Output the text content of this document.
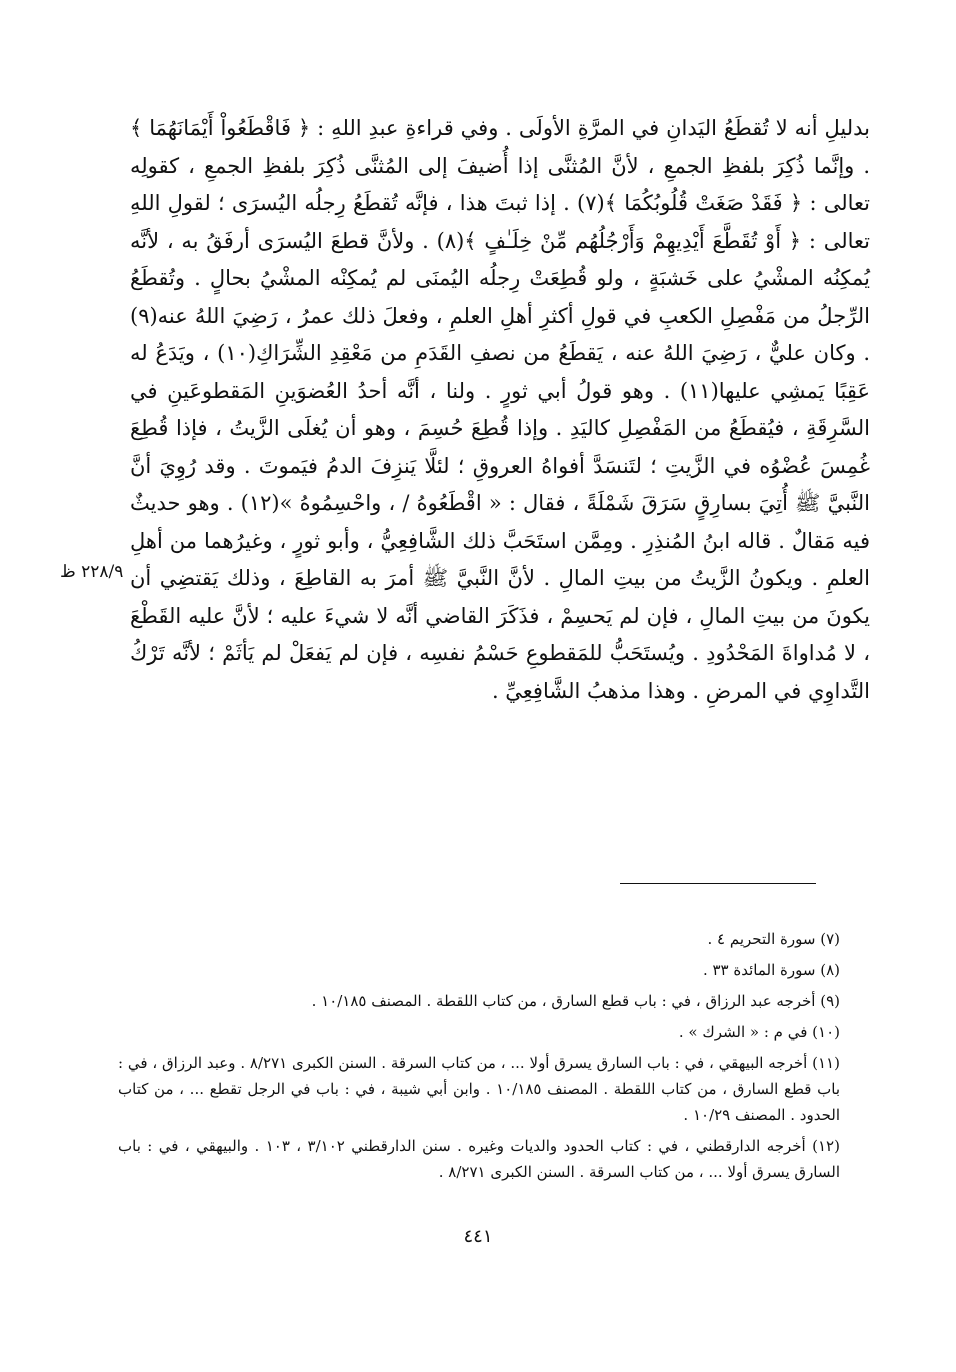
بدليلِ أنه لا تُقطَعُ اليَدانِ في المرَّةِ الأولَى . وفي قراءةِ عبدِ اللهِ : ﴿ فَاقْطَعُواْ أَيْمَانَهُمَا ﴾ . وإنَّما ذُكِرَ بلفظِ الجمعِ ، لأنَّ المُثنَّى إذا أُضيفَ إلى المُثنَّى ذُكِرَ بلفظِ الجمعِ ، كقولِه تعالى : ﴿ فَقَدْ صَغَتْ قُلُوبُكُمَا ﴾(٧) . إذا ثبتَ هذا ، فإنَّه تُقطَعُ رِجلُه اليُسرَى ؛ لقولِ اللهِ تعالى : ﴿ أَوْ تُقَطَّعَ أَيْدِيهِمْ وَأَرْجُلُهُم مِّنْ خِلَـٰفٍ ﴾(٨) . ولأنَّ قطعَ اليُسرَى أرفَقُ به ، لأنَّه يُمكِنُه المشْيُ على خَشبَةٍ ، ولو قُطِعَتْ رِجلُه اليُمنَى لم يُمكِنْه المشْيُ بحالٍ . وتُقطَعُ الرِّجلُ من مَفْصِلِ الكعبِ في قولِ أكثرِ أهلِ العلمِ ، وفعلَ ذلك عمرُ ، رَضِيَ اللهُ عنه(٩) . وكان عليٌّ ، رَضِيَ اللهُ عنه ، يَقطَعُ من نصفِ القَدَمِ من مَعْقِدِ الشِّرَاكِ(١٠) ، ويَدَعُ له عَقِبًا يَمشِي عليها(١١) . وهو قولُ أبي ثورٍ . ولنا ، أنَّه أحدُ العُضوَينِ المَقطوعَينِ في السَّرِقَةِ ، فيُقطَعُ من المَفْصِلِ كاليَدِ . وإذا قُطِعَ حُسِمَ ، وهو أن يُغلَى الزَّيتُ ، فإذا قُطِعَ غُمِسَ عُضْوُه في الزَّيتِ ؛ لتَنسَدَّ أفواهُ العروقِ ؛ لئلَّا يَنزِفَ الدمُ فيَموتَ . وقد رُوِيَ أنَّ النَّبيَّ ﷺ أُتِيَ بسارِقٍ سَرَقَ شَمْلَةً ، فقال : « اقْطَعُوهُ / ، واحْسِمُوهُ »(١٢) . وهو حديثٌ فيه مَقالٌ . قاله ابنُ المُنذِرِ . ومِمَّن استَحَبَّ ذلك الشَّافِعِيُّ ، وأبو ثورٍ ، وغيرُهما من أهلِ العلمِ . ويكونُ الزَّيتُ من بيتِ المالِ . لأنَّ النَّبيَّ ﷺ أمرَ به القاطِعَ ، وذلك يَقتضِي أن يكونَ من بيتِ المالِ ، فإن لم يَحسِمْ ، فذَكَرَ القاضي أنَّه لا شيءَ عليه ؛ لأنَّ عليه القَطْعَ ، لا مُداواةَ المَحْدُودِ . ويُستَحَبُّ للمَقطوعِ حَسْمُ نفسِه ، فإن لم يَفعَلْ لم يَأثَمْ ؛ لأنَّه تَرْكُ التَّداوِي في المرضِ . وهذا مذهبُ الشَّافِعِيِّ .

٢٢٨/٩ ظ
(٧) سورة التحريم ٤ .
(٨) سورة المائدة ٣٣ .
(٩) أخرجه عبد الرزاق ، في : باب قطع السارق ، من كتاب اللقطة . المصنف ١٠/١٨٥ .
(١٠) في م : « الشرك » .
(١١) أخرجه البيهقي ، في : باب السارق يسرق أولا ... ، من كتاب السرقة . السنن الكبرى ٨/٢٧١ . وعبد الرزاق ، في : باب قطع السارق ، من كتاب اللقطة . المصنف ١٠/١٨٥ . وابن أبي شيبة ، في : باب في الرجل تقطع ... ، من كتاب الحدود . المصنف ١٠/٢٩ .
(١٢) أخرجه الدارقطني ، في : كتاب الحدود والديات وغيره . سنن الدارقطني ٣/١٠٢ ، ١٠٣ . والبيهقي ، في : باب السارق يسرق أولا ... ، من كتاب السرقة . السنن الكبرى ٨/٢٧١ .
٤٤١
